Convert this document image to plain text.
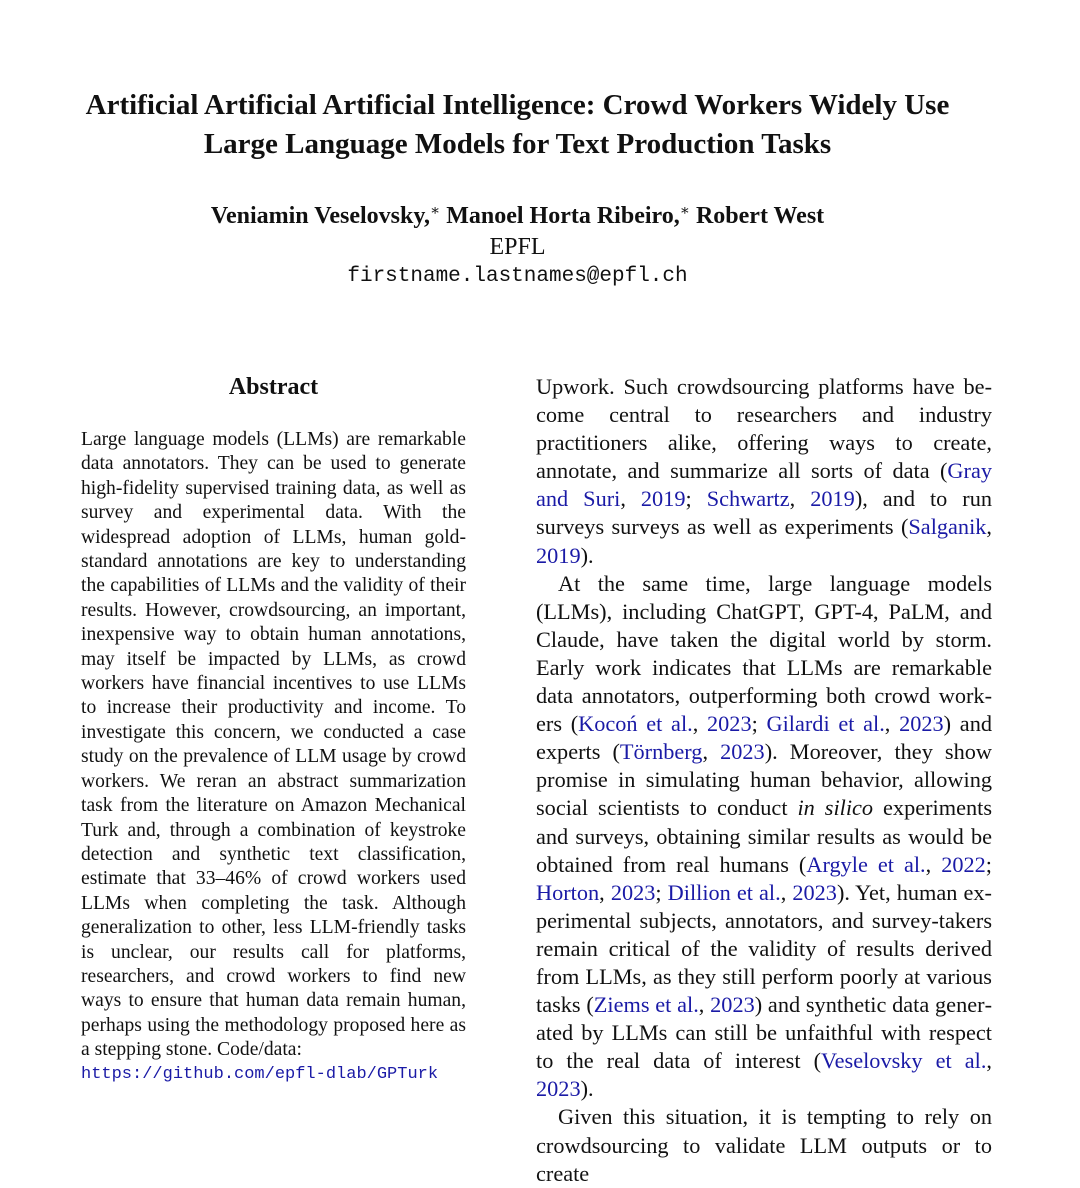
Artificial Artificial Artificial Intelligence: Crowd Workers Widely Use
Large Language Models for Text Production Tasks
Veniamin Veselovsky,∗ Manoel Horta Ribeiro,∗ Robert West
EPFL
firstname.lastnames@epfl.ch
Abstract

Large language models (LLMs) are remarkable data annotators. They can be used to generate high-fidelity supervised training data, as well as survey and experimental data. With the widespread adoption of LLMs, human goldstandard annotations are key to understanding the capabilities of LLMs and the validity of their results. However, crowdsourcing, an important, inexpensive way to obtain human annotations, may itself be impacted by LLMs, as crowd workers have financial incentives to use LLMs to increase their productivity and income. To investigate this concern, we conducted a case study on the prevalence of LLM usage by crowd workers. We reran an abstract summarization task from the literature on Amazon Mechanical Turk and, through a combination of keystroke detection and synthetic text classification, estimate that 33–46% of crowd workers used LLMs when completing the task. Although generalization to other, less LLM-friendly tasks is unclear, our results call for platforms, researchers, and crowd workers to find new ways to ensure that human data remain human, perhaps using the methodology proposed here as a stepping stone. Code/data:
https://github.com/epfl-dlab/GPTurk

Upwork. Such crowdsourcing platforms have become central to researchers and industry practitioners alike, offering ways to create, annotate, and summarize all sorts of data (Gray and Suri, 2019; Schwartz, 2019), and to run surveys surveys as well as experiments (Salganik, 2019).

At the same time, large language models (LLMs), including ChatGPT, GPT-4, PaLM, and Claude, have taken the digital world by storm. Early work indicates that LLMs are remarkable data annotators, outperforming both crowd workers (Kocoń et al., 2023; Gilardi et al., 2023) and experts (Törnberg, 2023). Moreover, they show promise in simulating human behavior, allowing social scientists to conduct in silico experiments and surveys, obtaining similar results as would be obtained from real humans (Argyle et al., 2022; Horton, 2023; Dillion et al., 2023). Yet, human experimental subjects, annotators, and survey-takers remain critical of the validity of results derived from LLMs, as they still perform poorly at various tasks (Ziems et al., 2023) and synthetic data generated by LLMs can still be unfaithful with respect to the real data of interest (Veselovsky et al., 2023).

Given this situation, it is tempting to rely on crowdsourcing to validate LLM outputs or to create
